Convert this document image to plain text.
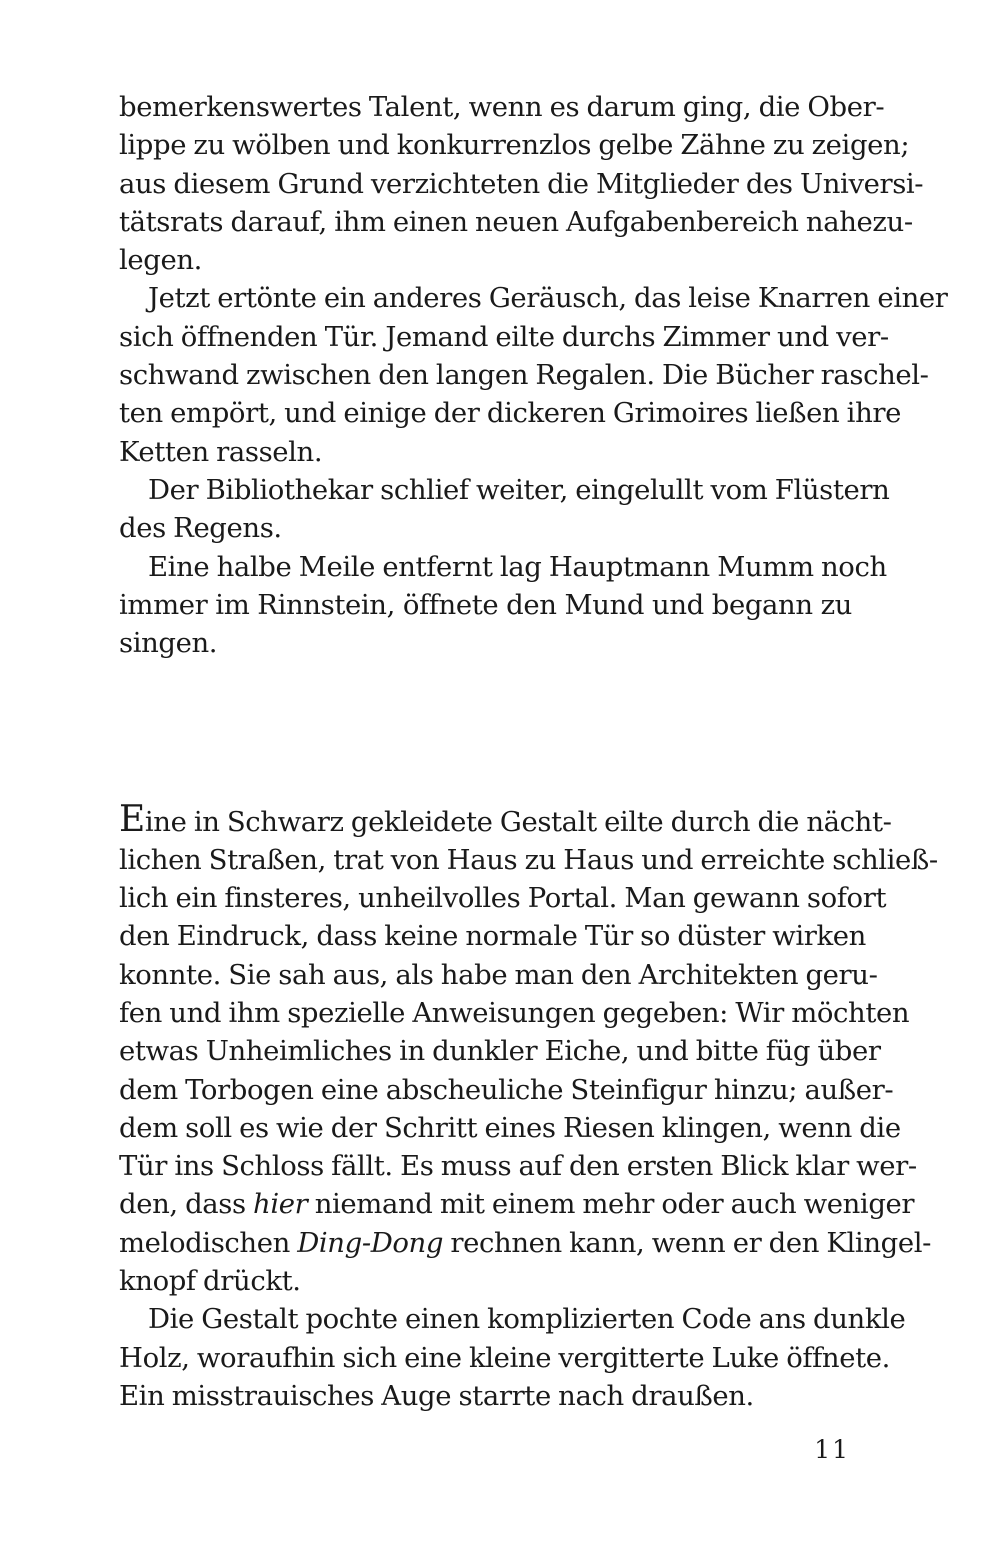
bemerkenswertes Talent, wenn es darum ging, die Ober-
lippe zu wölben und konkurrenzlos gelbe Zähne zu zeigen;
aus diesem Grund verzichteten die Mitglieder des Universi-
tätsrats darauf, ihm einen neuen Aufgabenbereich nahezu-
legen.
Jetzt ertönte ein anderes Geräusch, das leise Knarren einer
sich öffnenden Tür. Jemand eilte durchs Zimmer und ver-
schwand zwischen den langen Regalen. Die Bücher raschel-
ten empört, und einige der dickeren Grimoires ließen ihre
Ketten rasseln.
Der Bibliothekar schlief weiter, eingelullt vom Flüstern
des Regens.
Eine halbe Meile entfernt lag Hauptmann Mumm noch
immer im Rinnstein, öffnete den Mund und begann zu
singen.
Eine in Schwarz gekleidete Gestalt eilte durch die nächt-
lichen Straßen, trat von Haus zu Haus und erreichte schließ-
lich ein finsteres, unheilvolles Portal. Man gewann sofort
den Eindruck, dass keine normale Tür so düster wirken
konnte. Sie sah aus, als habe man den Architekten geru-
fen und ihm spezielle Anweisungen gegeben: Wir möchten
etwas Unheimliches in dunkler Eiche, und bitte füg über
dem Torbogen eine abscheuliche Steinfigur hinzu; außer-
dem soll es wie der Schritt eines Riesen klingen, wenn die
Tür ins Schloss fällt. Es muss auf den ersten Blick klar wer-
den, dass hier niemand mit einem mehr oder auch weniger
melodischen Ding-Dong rechnen kann, wenn er den Klingel-
knopf drückt.
Die Gestalt pochte einen komplizierten Code ans dunkle
Holz, woraufhin sich eine kleine vergitterte Luke öffnete.
Ein misstrauisches Auge starrte nach draußen.
11
